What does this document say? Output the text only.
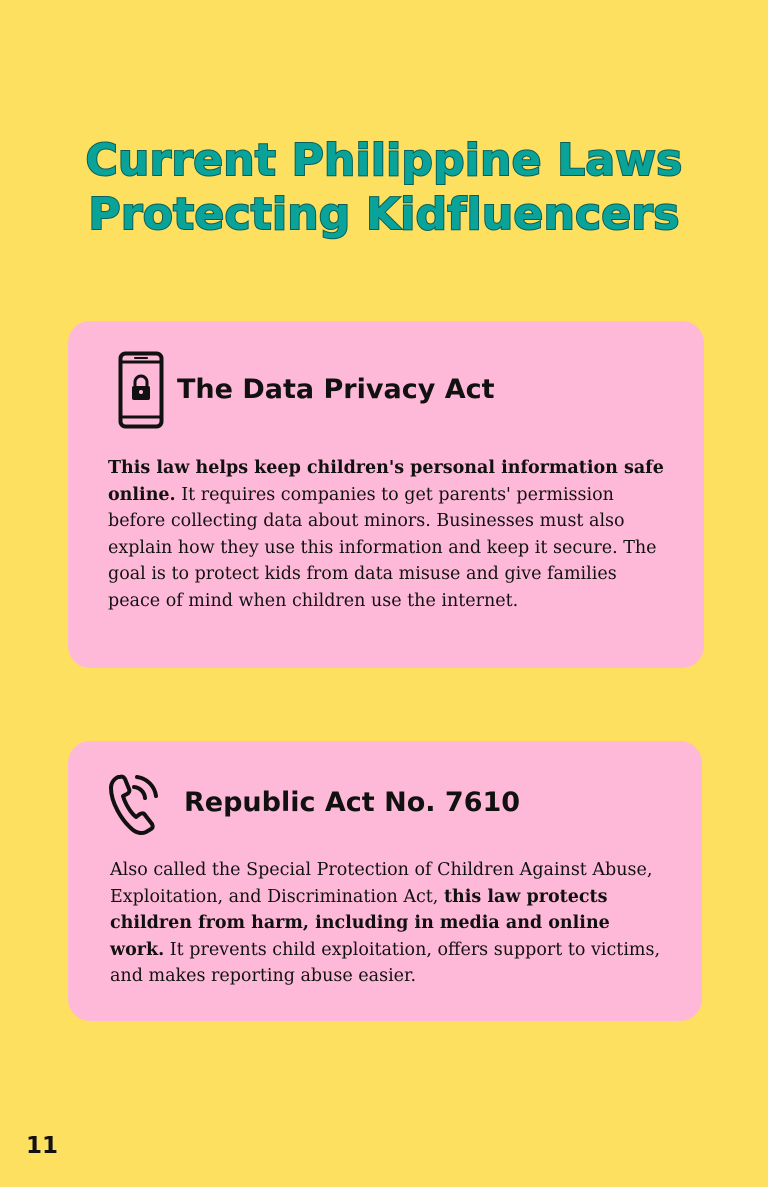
Current Philippine Laws
Protecting Kidfluencers
The Data Privacy Act

This law helps keep children's personal information safe online. It requires companies to get parents' permission before collecting data about minors. Businesses must also explain how they use this information and keep it secure. The goal is to protect kids from data misuse and give families peace of mind when children use the internet.

Republic Act No. 7610

Also called the Special Protection of Children Against Abuse, Exploitation, and Discrimination Act, this law protects children from harm, including in media and online work. It prevents child exploitation, offers support to victims, and makes reporting abuse easier.

11
